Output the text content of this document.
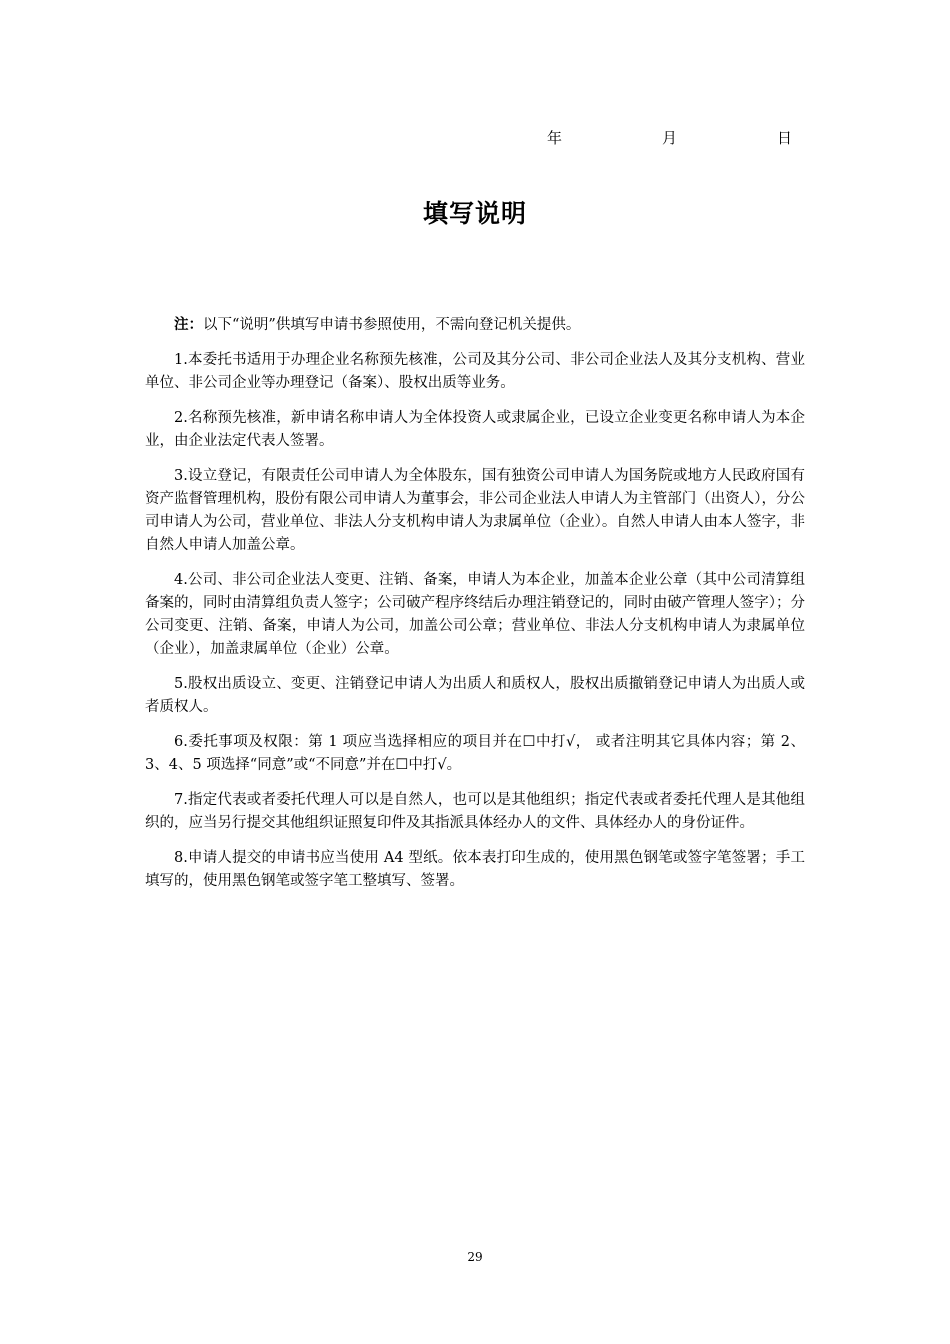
年	月	日
填写说明

注：以下“说明”供填写申请书参照使用，不需向登记机关提供。

1.本委托书适用于办理企业名称预先核准，公司及其分公司、非公司企业法人及其分支机构、营业单位、非公司企业等办理登记（备案）、股权出质等业务。

2.名称预先核准，新申请名称申请人为全体投资人或隶属企业，已设立企业变更名称申请人为本企业，由企业法定代表人签署。

3.设立登记，有限责任公司申请人为全体股东，国有独资公司申请人为国务院或地方人民政府国有资产监督管理机构，股份有限公司申请人为董事会，非公司企业法人申请人为主管部门（出资人），分公司申请人为公司，营业单位、非法人分支机构申请人为隶属单位（企业）。自然人申请人由本人签字，非自然人申请人加盖公章。

4.公司、非公司企业法人变更、注销、备案，申请人为本企业，加盖本企业公章（其中公司清算组备案的，同时由清算组负责人签字；公司破产程序终结后办理注销登记的，同时由破产管理人签字）；分公司变更、注销、备案，申请人为公司，加盖公司公章；营业单位、非法人分支机构申请人为隶属单位（企业），加盖隶属单位（企业）公章。

5.股权出质设立、变更、注销登记申请人为出质人和质权人，股权出质撤销登记申请人为出质人或者质权人。

6.委托事项及权限：第 1 项应当选择相应的项目并在☐中打√， 或者注明其它具体内容；第 2、3、4、5 项选择“同意”或“不同意”并在☐中打√。

7.指定代表或者委托代理人可以是自然人，也可以是其他组织；指定代表或者委托代理人是其他组织的，应当另行提交其他组织证照复印件及其指派具体经办人的文件、具体经办人的身份证件。

8.申请人提交的申请书应当使用 A4 型纸。依本表打印生成的，使用黑色钢笔或签字笔签署；手工填写的，使用黑色钢笔或签字笔工整填写、签署。

29
